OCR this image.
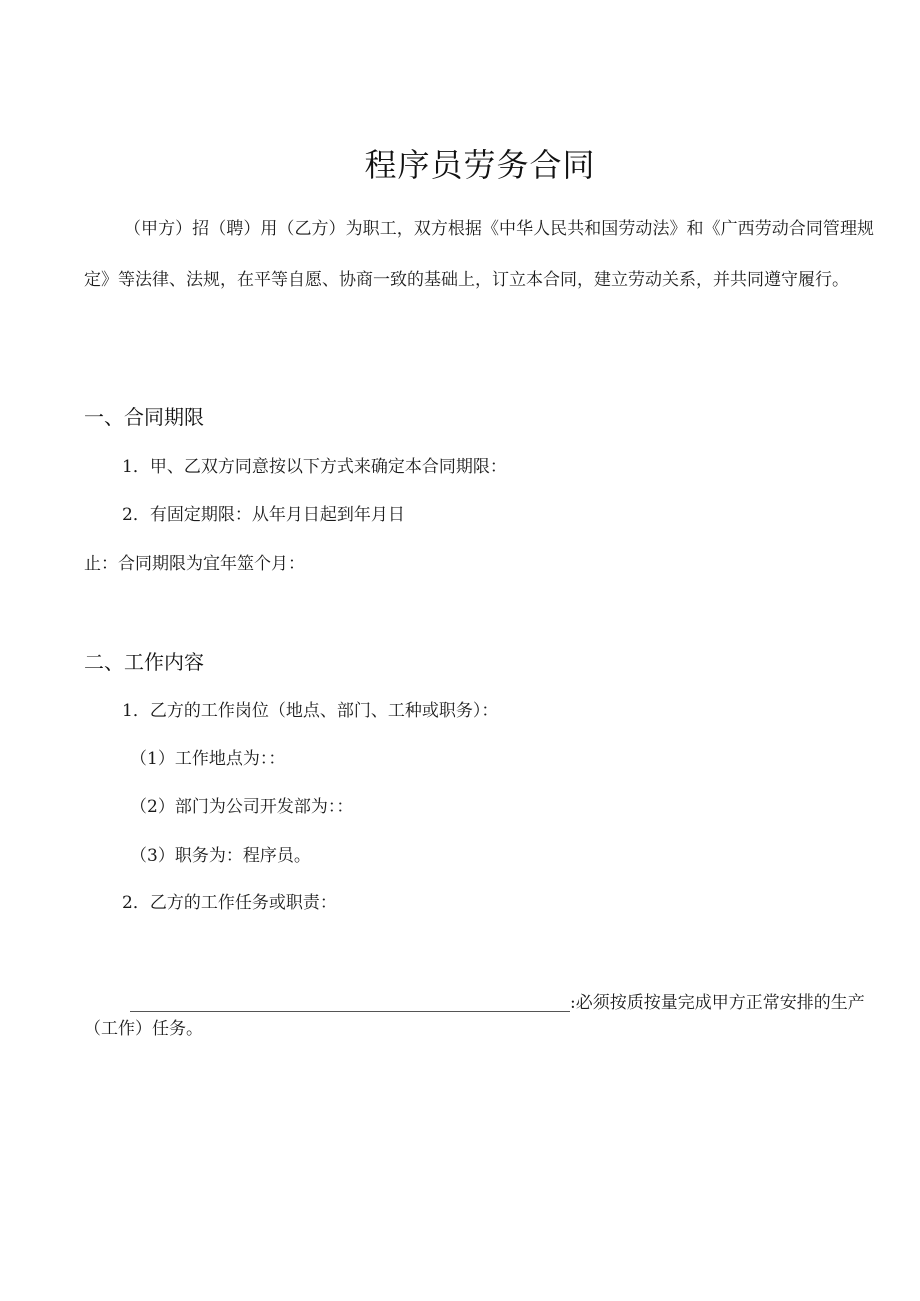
程序员劳务合同

（甲方）招（聘）用（乙方）为职工，双方根据《中华人民共和国劳动法》和《广西劳动合同管理规定》等法律、法规，在平等自愿、协商一致的基础上，订立本合同，建立劳动关系，并共同遵守履行。

一、合同期限
1．甲、乙双方同意按以下方式来确定本合同期限：
2．有固定期限：从年月日起到年月日
止：合同期限为宜年筮个月：
二、工作内容
1．乙方的工作岗位（地点、部门、工种或职务）：
（1）工作地点为：：
（2）部门为公司开发部为：：
（3）职务为：程序员。
2．乙方的工作任务或职责：

:必须按质按量完成甲方正常安排的生产（工作）任务。
